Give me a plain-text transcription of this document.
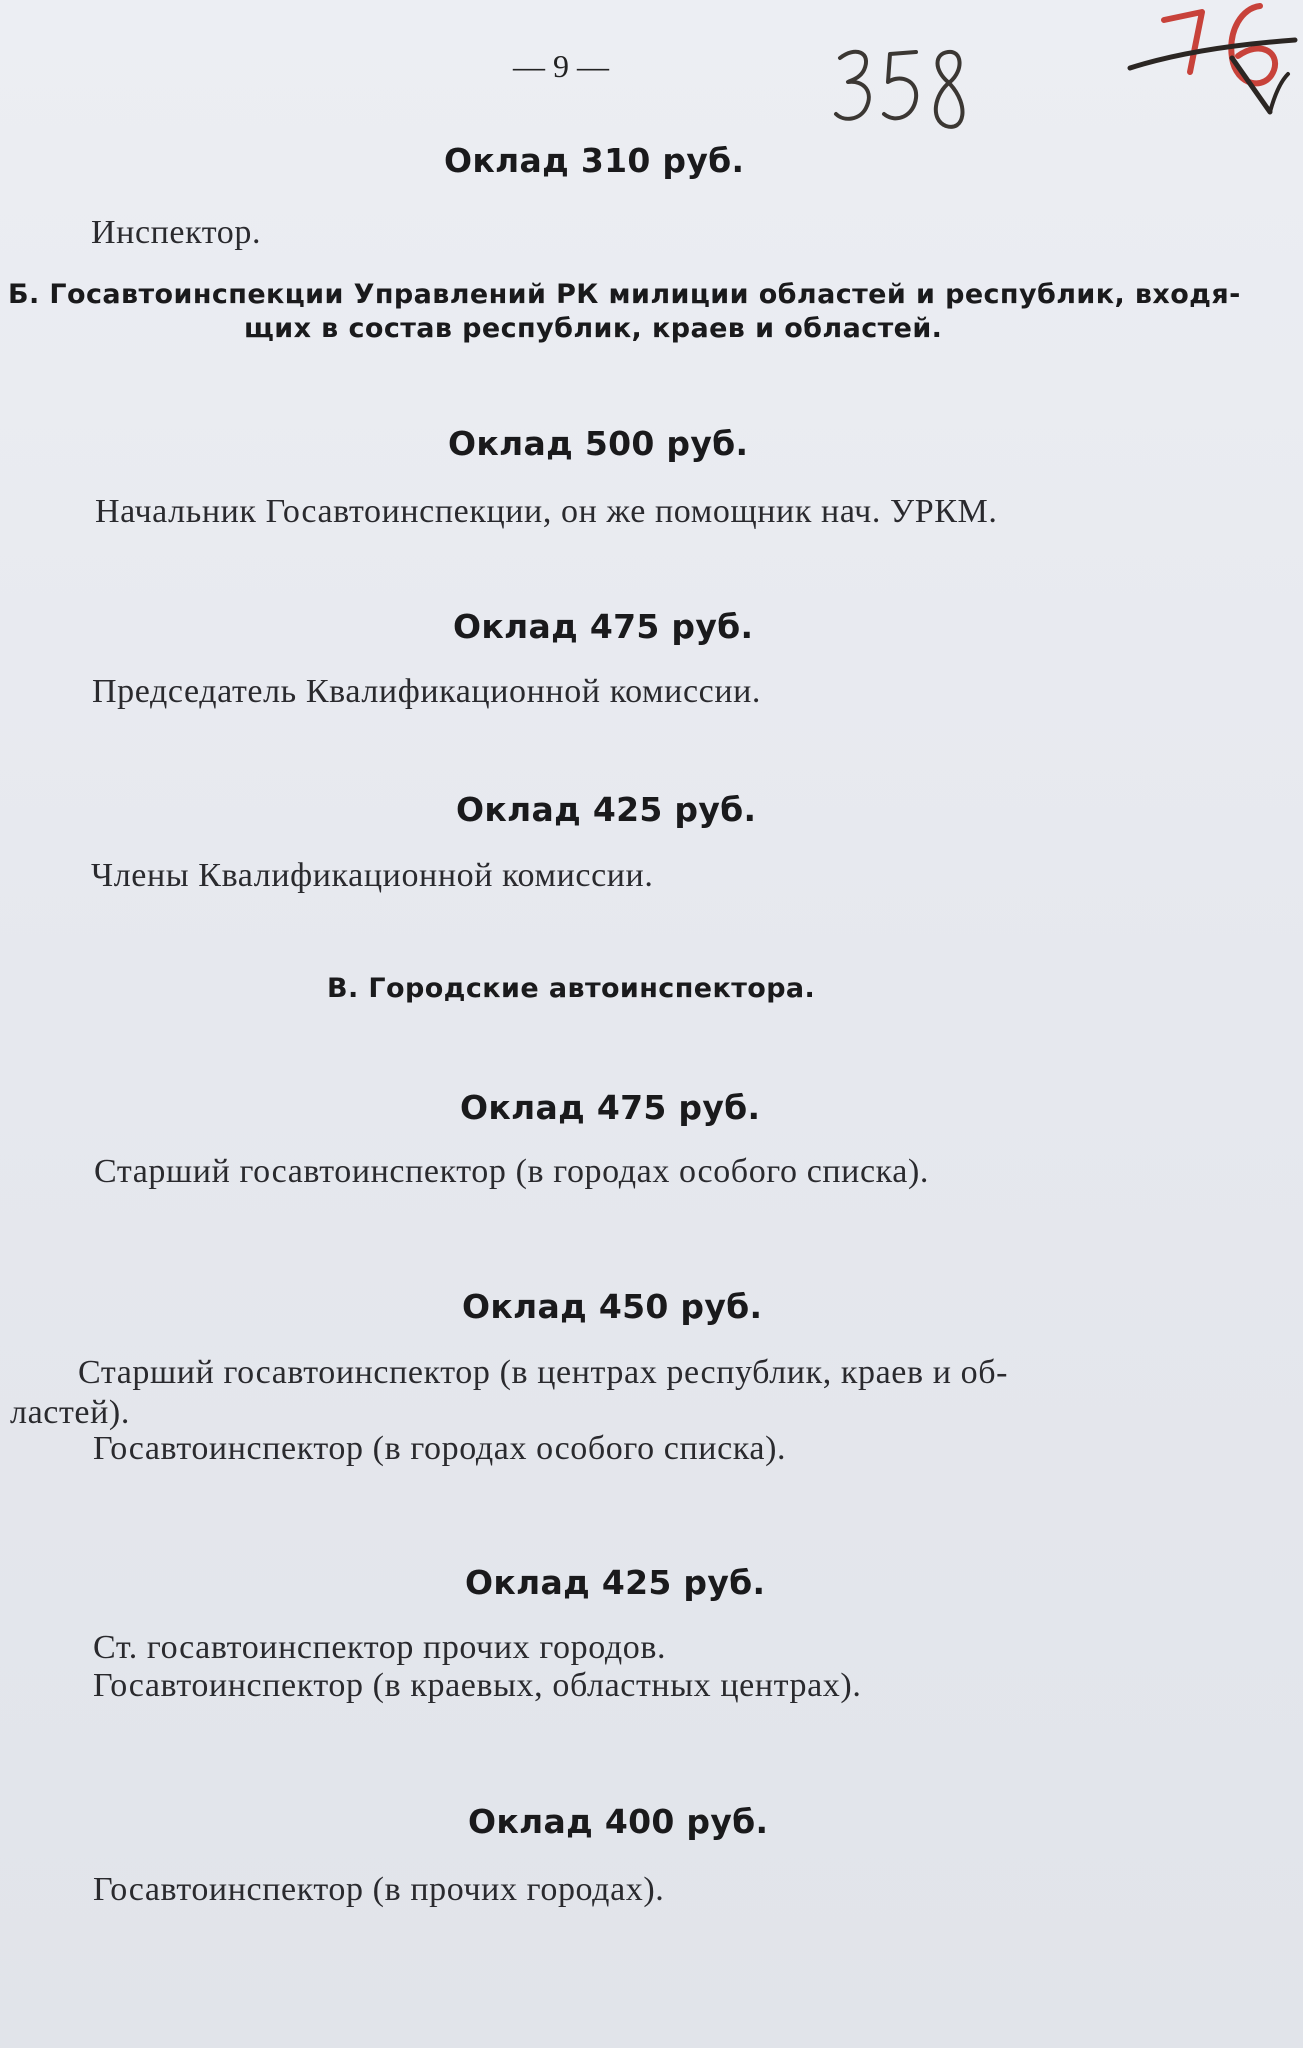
— 9 —
Оклад 310 руб.
Инспектор.
Б. Госавтоинспекции Управлений РК милиции областей и республик, входя-
щих в состав республик, краев и областей.
Оклад 500 руб.
Начальник Госавтоинспекции, он же помощник нач. УРКМ.
Оклад 475 руб.
Председатель Квалификационной комиссии.
Оклад 425 руб.
Члены Квалификационной комиссии.
В. Городские автоинспектора.
Оклад 475 руб.
Старший госавтоинспектор (в городах особого списка).
Оклад 450 руб.
Старший госавтоинспектор (в центрах республик, краев и об-
ластей).
Госавтоинспектор (в городах особого списка).
Оклад 425 руб.
Ст. госавтоинспектор прочих городов.
Госавтоинспектор (в краевых, областных центрах).
Оклад 400 руб.
Госавтоинспектор (в прочих городах).
